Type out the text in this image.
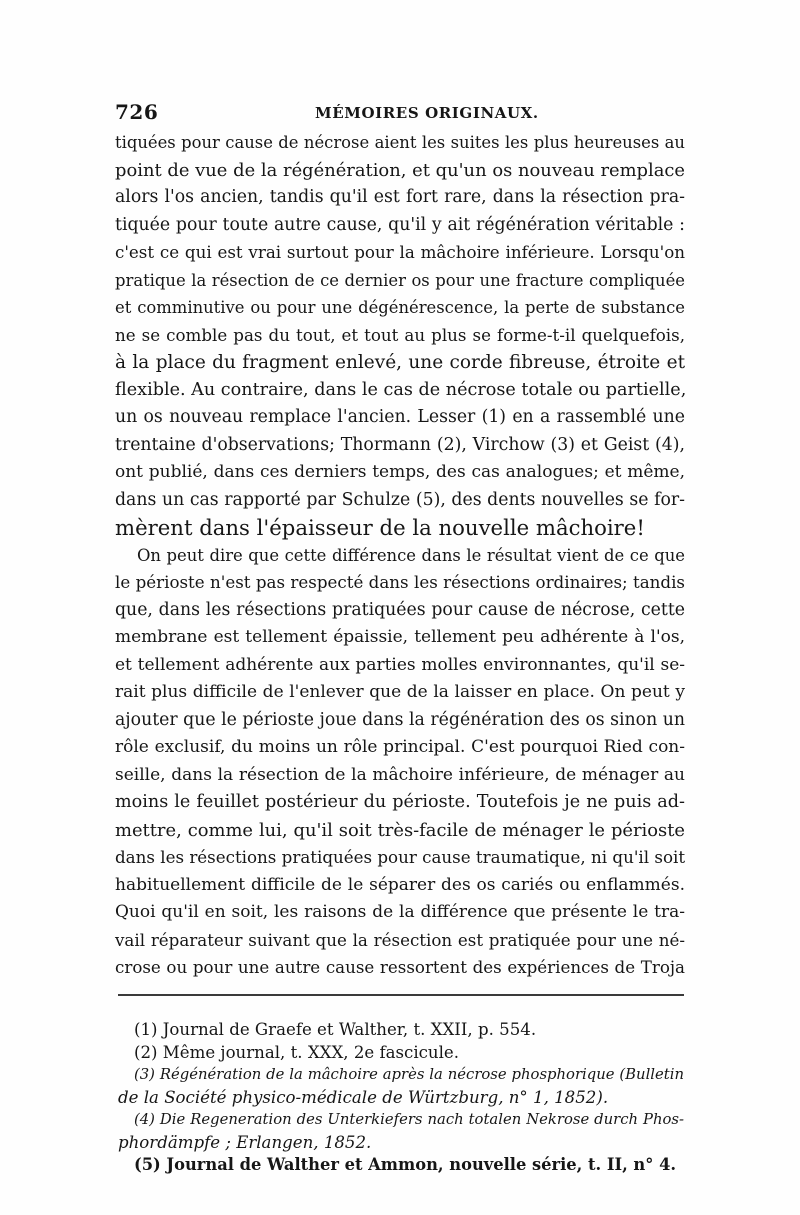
726	MÉMOIRES ORIGINAUX.
tiquées pour cause de nécrose aient les suites les plus heureuses au
point de vue de la régénération, et qu'un os nouveau remplace
alors l'os ancien, tandis qu'il est fort rare, dans la résection pra-
tiquée pour toute autre cause, qu'il y ait régénération véritable :
c'est ce qui est vrai surtout pour la mâchoire inférieure. Lorsqu'on
pratique la résection de ce dernier os pour une fracture compliquée
et comminutive ou pour une dégénérescence, la perte de substance
ne se comble pas du tout, et tout au plus se forme-t-il quelquefois,
à la place du fragment enlevé, une corde fibreuse, étroite et
flexible. Au contraire, dans le cas de nécrose totale ou partielle,
un os nouveau remplace l'ancien. Lesser (1) en a rassemblé une
trentaine d'observations; Thormann (2), Virchow (3) et Geist (4),
ont publié, dans ces derniers temps, des cas analogues; et même,
dans un cas rapporté par Schulze (5), des dents nouvelles se for-
mèrent dans l'épaisseur de la nouvelle mâchoire!
On peut dire que cette différence dans le résultat vient de ce que
le périoste n'est pas respecté dans les résections ordinaires; tandis
que, dans les résections pratiquées pour cause de nécrose, cette
membrane est tellement épaissie, tellement peu adhérente à l'os,
et tellement adhérente aux parties molles environnantes, qu'il se-
rait plus difficile de l'enlever que de la laisser en place. On peut y
ajouter que le périoste joue dans la régénération des os sinon un
rôle exclusif, du moins un rôle principal. C'est pourquoi Ried con-
seille, dans la résection de la mâchoire inférieure, de ménager au
moins le feuillet postérieur du périoste. Toutefois je ne puis ad-
mettre, comme lui, qu'il soit très-facile de ménager le périoste
dans les résections pratiquées pour cause traumatique, ni qu'il soit
habituellement difficile de le séparer des os cariés ou enflammés.
Quoi qu'il en soit, les raisons de la différence que présente le tra-
vail réparateur suivant que la résection est pratiquée pour une né-
crose ou pour une autre cause ressortent des expériences de Troja
(1) Journal de Graefe et Walther, t. XXII, p. 554.
(2) Même journal, t. XXX, 2e fascicule.
(3) Régénération de la mâchoire après la nécrose phosphorique (Bulletin
de la Société physico-médicale de Würtzburg, n° 1, 1852).
(4) Die Regeneration des Unterkiefers nach totalen Nekrose durch Phos-
phordämpfe ; Erlangen, 1852.
(5) Journal de Walther et Ammon, nouvelle série, t. II, n° 4.
